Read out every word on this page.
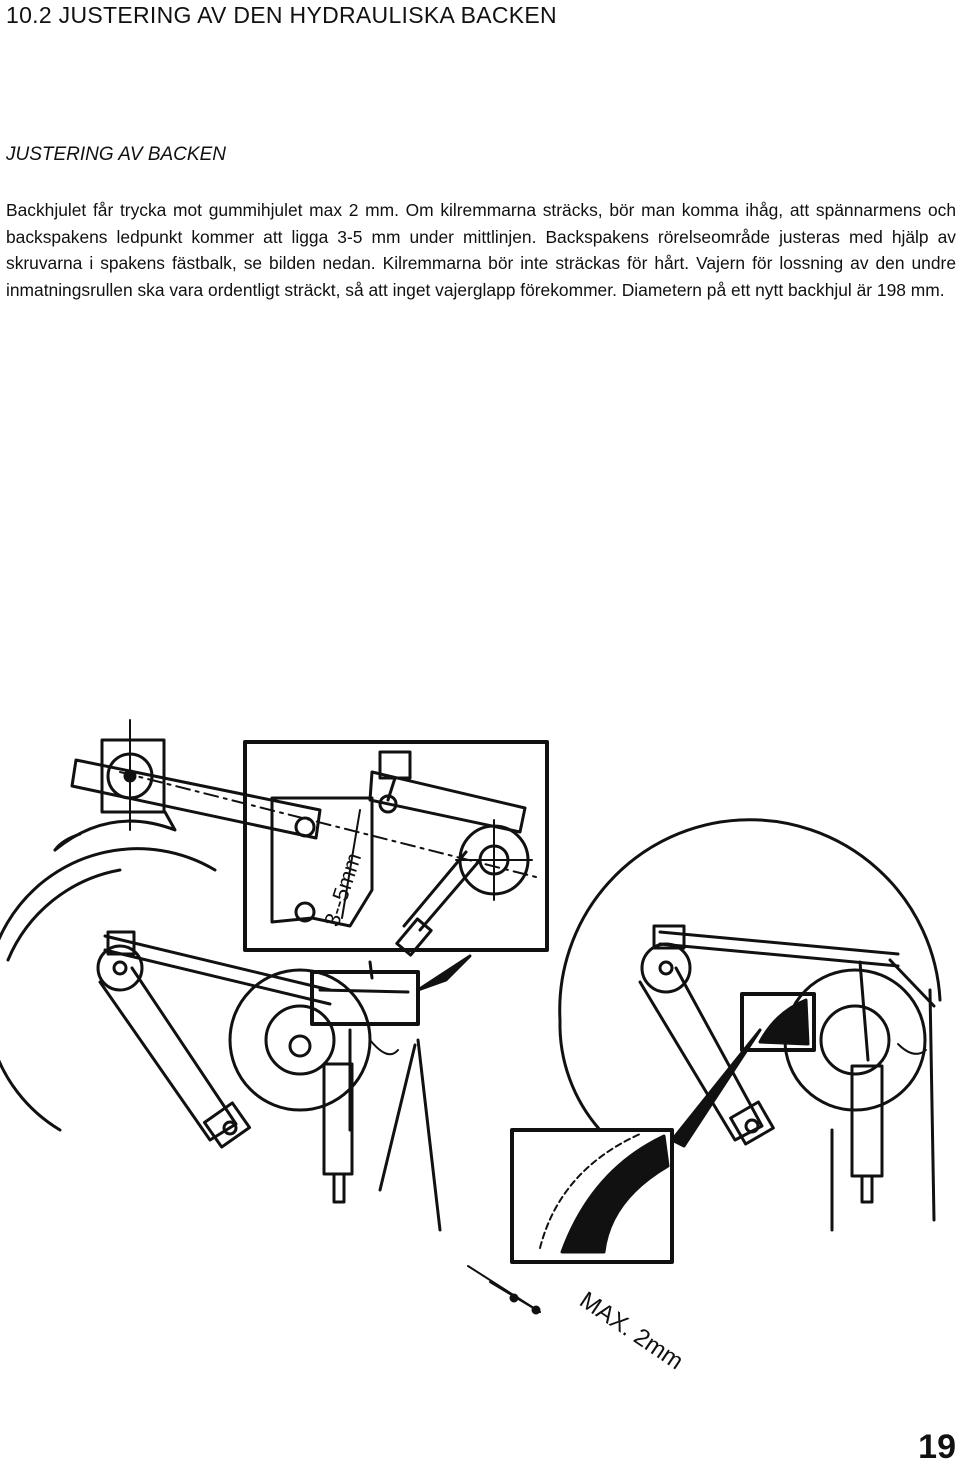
10.2 JUSTERING AV DEN HYDRAULISKA BACKEN
JUSTERING AV BACKEN

Backhjulet får trycka mot gummihjulet max 2 mm. Om kilremmarna sträcks, bör man komma ihåg, att spännarmens och backspakens ledpunkt kommer att ligga 3-5 mm under mittlinjen. Backspakens rörelseområde justeras med hjälp av skruvarna i spakens fästbalk, se bilden nedan. Kilremmarna bör inte sträckas för hårt. Vajern för lossning av den undre inmatningsrullen ska vara ordentligt sträckt, så att inget vajerglapp förekommer. Diametern på ett nytt backhjul är 198 mm.

3--5mm
MAX. 2mm

19
